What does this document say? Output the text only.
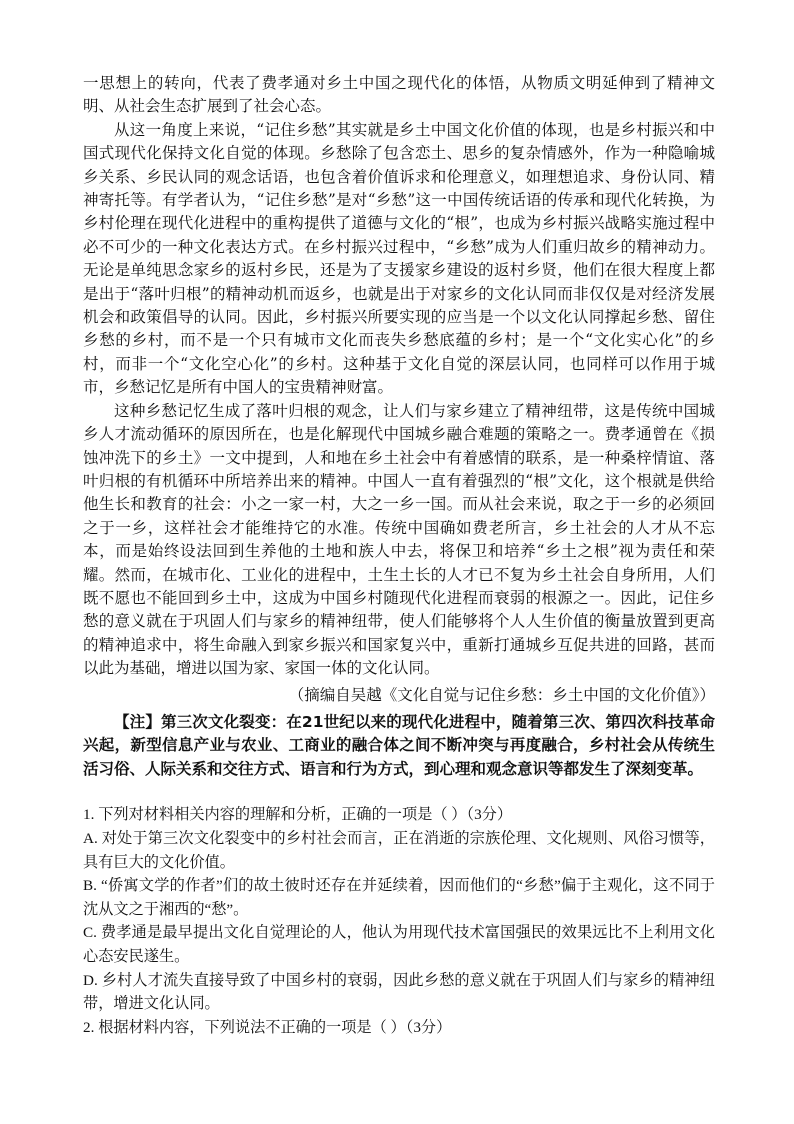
一思想上的转向，代表了费孝通对乡土中国之现代化的体悟，从物质文明延伸到了精神文明、从社会生态扩展到了社会心态。

从这一角度上来说，“记住乡愁”其实就是乡土中国文化价值的体现，也是乡村振兴和中国式现代化保持文化自觉的体现。乡愁除了包含恋土、思乡的复杂情感外，作为一种隐喻城乡关系、乡民认同的观念话语，也包含着价值诉求和伦理意义，如理想追求、身份认同、精神寄托等。有学者认为，“记住乡愁”是对“乡愁”这一中国传统话语的传承和现代化转换，为乡村伦理在现代化进程中的重构提供了道德与文化的“根”，也成为乡村振兴战略实施过程中必不可少的一种文化表达方式。在乡村振兴过程中，“乡愁”成为人们重归故乡的精神动力。无论是单纯思念家乡的返村乡民，还是为了支援家乡建设的返村乡贤，他们在很大程度上都是出于“落叶归根”的精神动机而返乡，也就是出于对家乡的文化认同而非仅仅是对经济发展机会和政策倡导的认同。因此，乡村振兴所要实现的应当是一个以文化认同撑起乡愁、留住乡愁的乡村，而不是一个只有城市文化而丧失乡愁底蕴的乡村；是一个“文化实心化”的乡村，而非一个“文化空心化”的乡村。这种基于文化自觉的深层认同，也同样可以作用于城市，乡愁记忆是所有中国人的宝贵精神财富。

这种乡愁记忆生成了落叶归根的观念，让人们与家乡建立了精神纽带，这是传统中国城乡人才流动循环的原因所在，也是化解现代中国城乡融合难题的策略之一。费孝通曾在《损蚀冲洗下的乡土》一文中提到，人和地在乡土社会中有着感情的联系，是一种桑梓情谊、落叶归根的有机循环中所培养出来的精神。中国人一直有着强烈的“根”文化，这个根就是供给他生长和教育的社会：小之一家一村，大之一乡一国。而从社会来说，取之于一乡的必须回之于一乡，这样社会才能维持它的水准。传统中国确如费老所言，乡土社会的人才从不忘本，而是始终设法回到生养他的土地和族人中去，将保卫和培养“乡土之根”视为责任和荣耀。然而，在城市化、工业化的进程中，土生土长的人才已不复为乡土社会自身所用，人们既不愿也不能回到乡土中，这成为中国乡村随现代化进程而衰弱的根源之一。因此，记住乡愁的意义就在于巩固人们与家乡的精神纽带，使人们能够将个人人生价值的衡量放置到更高的精神追求中，将生命融入到家乡振兴和国家复兴中，重新打通城乡互促共进的回路，甚而以此为基础，增进以国为家、家国一体的文化认同。

（摘编自吴越《文化自觉与记住乡愁：乡土中国的文化价值》）

【注】第三次文化裂变：在21世纪以来的现代化进程中，随着第三次、第四次科技革命兴起，新型信息产业与农业、工商业的融合体之间不断冲突与再度融合，乡村社会从传统生活习俗、人际关系和交往方式、语言和行为方式，到心理和观念意识等都发生了深刻变革。

1. 下列对材料相关内容的理解和分析，正确的一项是（ ）（3分）

A. 对处于第三次文化裂变中的乡村社会而言，正在消逝的宗族伦理、文化规则、风俗习惯等，具有巨大的文化价值。

B. “侨寓文学的作者”们的故土彼时还存在并延续着，因而他们的“乡愁”偏于主观化，这不同于沈从文之于湘西的“愁”。

C. 费孝通是最早提出文化自觉理论的人，他认为用现代技术富国强民的效果远比不上利用文化心态安民遂生。

D. 乡村人才流失直接导致了中国乡村的衰弱，因此乡愁的意义就在于巩固人们与家乡的精神纽带，增进文化认同。

2. 根据材料内容，下列说法不正确的一项是（ ）（3分）
